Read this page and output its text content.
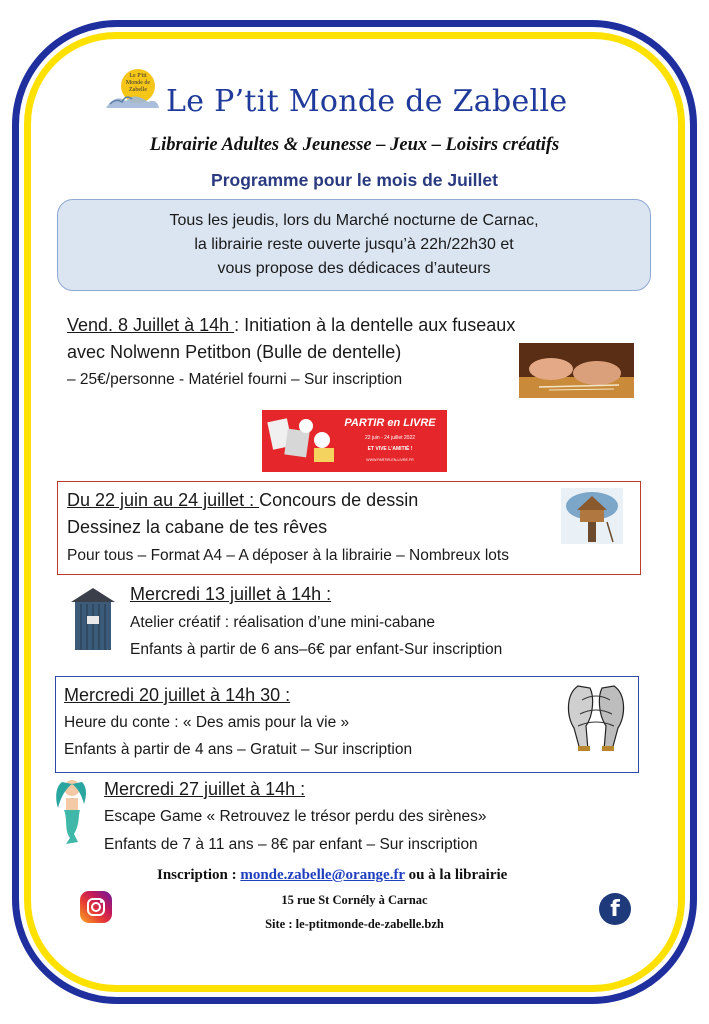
Le P'tit
Monde de
Zabelle Le P’tit Monde de Zabelle
Librairie Adultes & Jeunesse – Jeux – Loisirs créatifs
Programme pour le mois de Juillet
Tous les jeudis, lors du Marché nocturne de Carnac,
la librairie reste ouverte jusqu’à 22h/22h30 et
vous propose des dédicaces d’auteurs
Vend. 8 Juillet à 14h : Initiation à la dentelle aux fuseaux
avec Nolwenn Petitbon (Bulle de dentelle)
– 25€/personne - Matériel fourni – Sur inscription
PARTIR en LIVRE
22 juin - 24 juillet 2022
ET VIVE L'AMITIÉ !
WWW.PARTIR-EN-LIVRE.FR
Du 22 juin au 24 juillet : Concours de dessin
Dessinez la cabane de tes rêves
Pour tous – Format A4 – A déposer à la librairie – Nombreux lots
Mercredi 13 juillet à 14h :
Atelier créatif : réalisation d’une mini-cabane
Enfants à partir de 6 ans–6€ par enfant-Sur inscription
Mercredi 20 juillet à 14h 30 :
Heure du conte : « Des amis pour la vie »
Enfants à partir de 4 ans – Gratuit – Sur inscription
Mercredi 27 juillet à 14h :
Escape Game « Retrouvez le trésor perdu des sirènes»
Enfants de 7 à 11 ans – 8€ par enfant – Sur inscription
Inscription : monde.zabelle@orange.fr ou à la librairie
15 rue St Cornély à Carnac
Site : le-ptitmonde-de-zabelle.bzh
f
